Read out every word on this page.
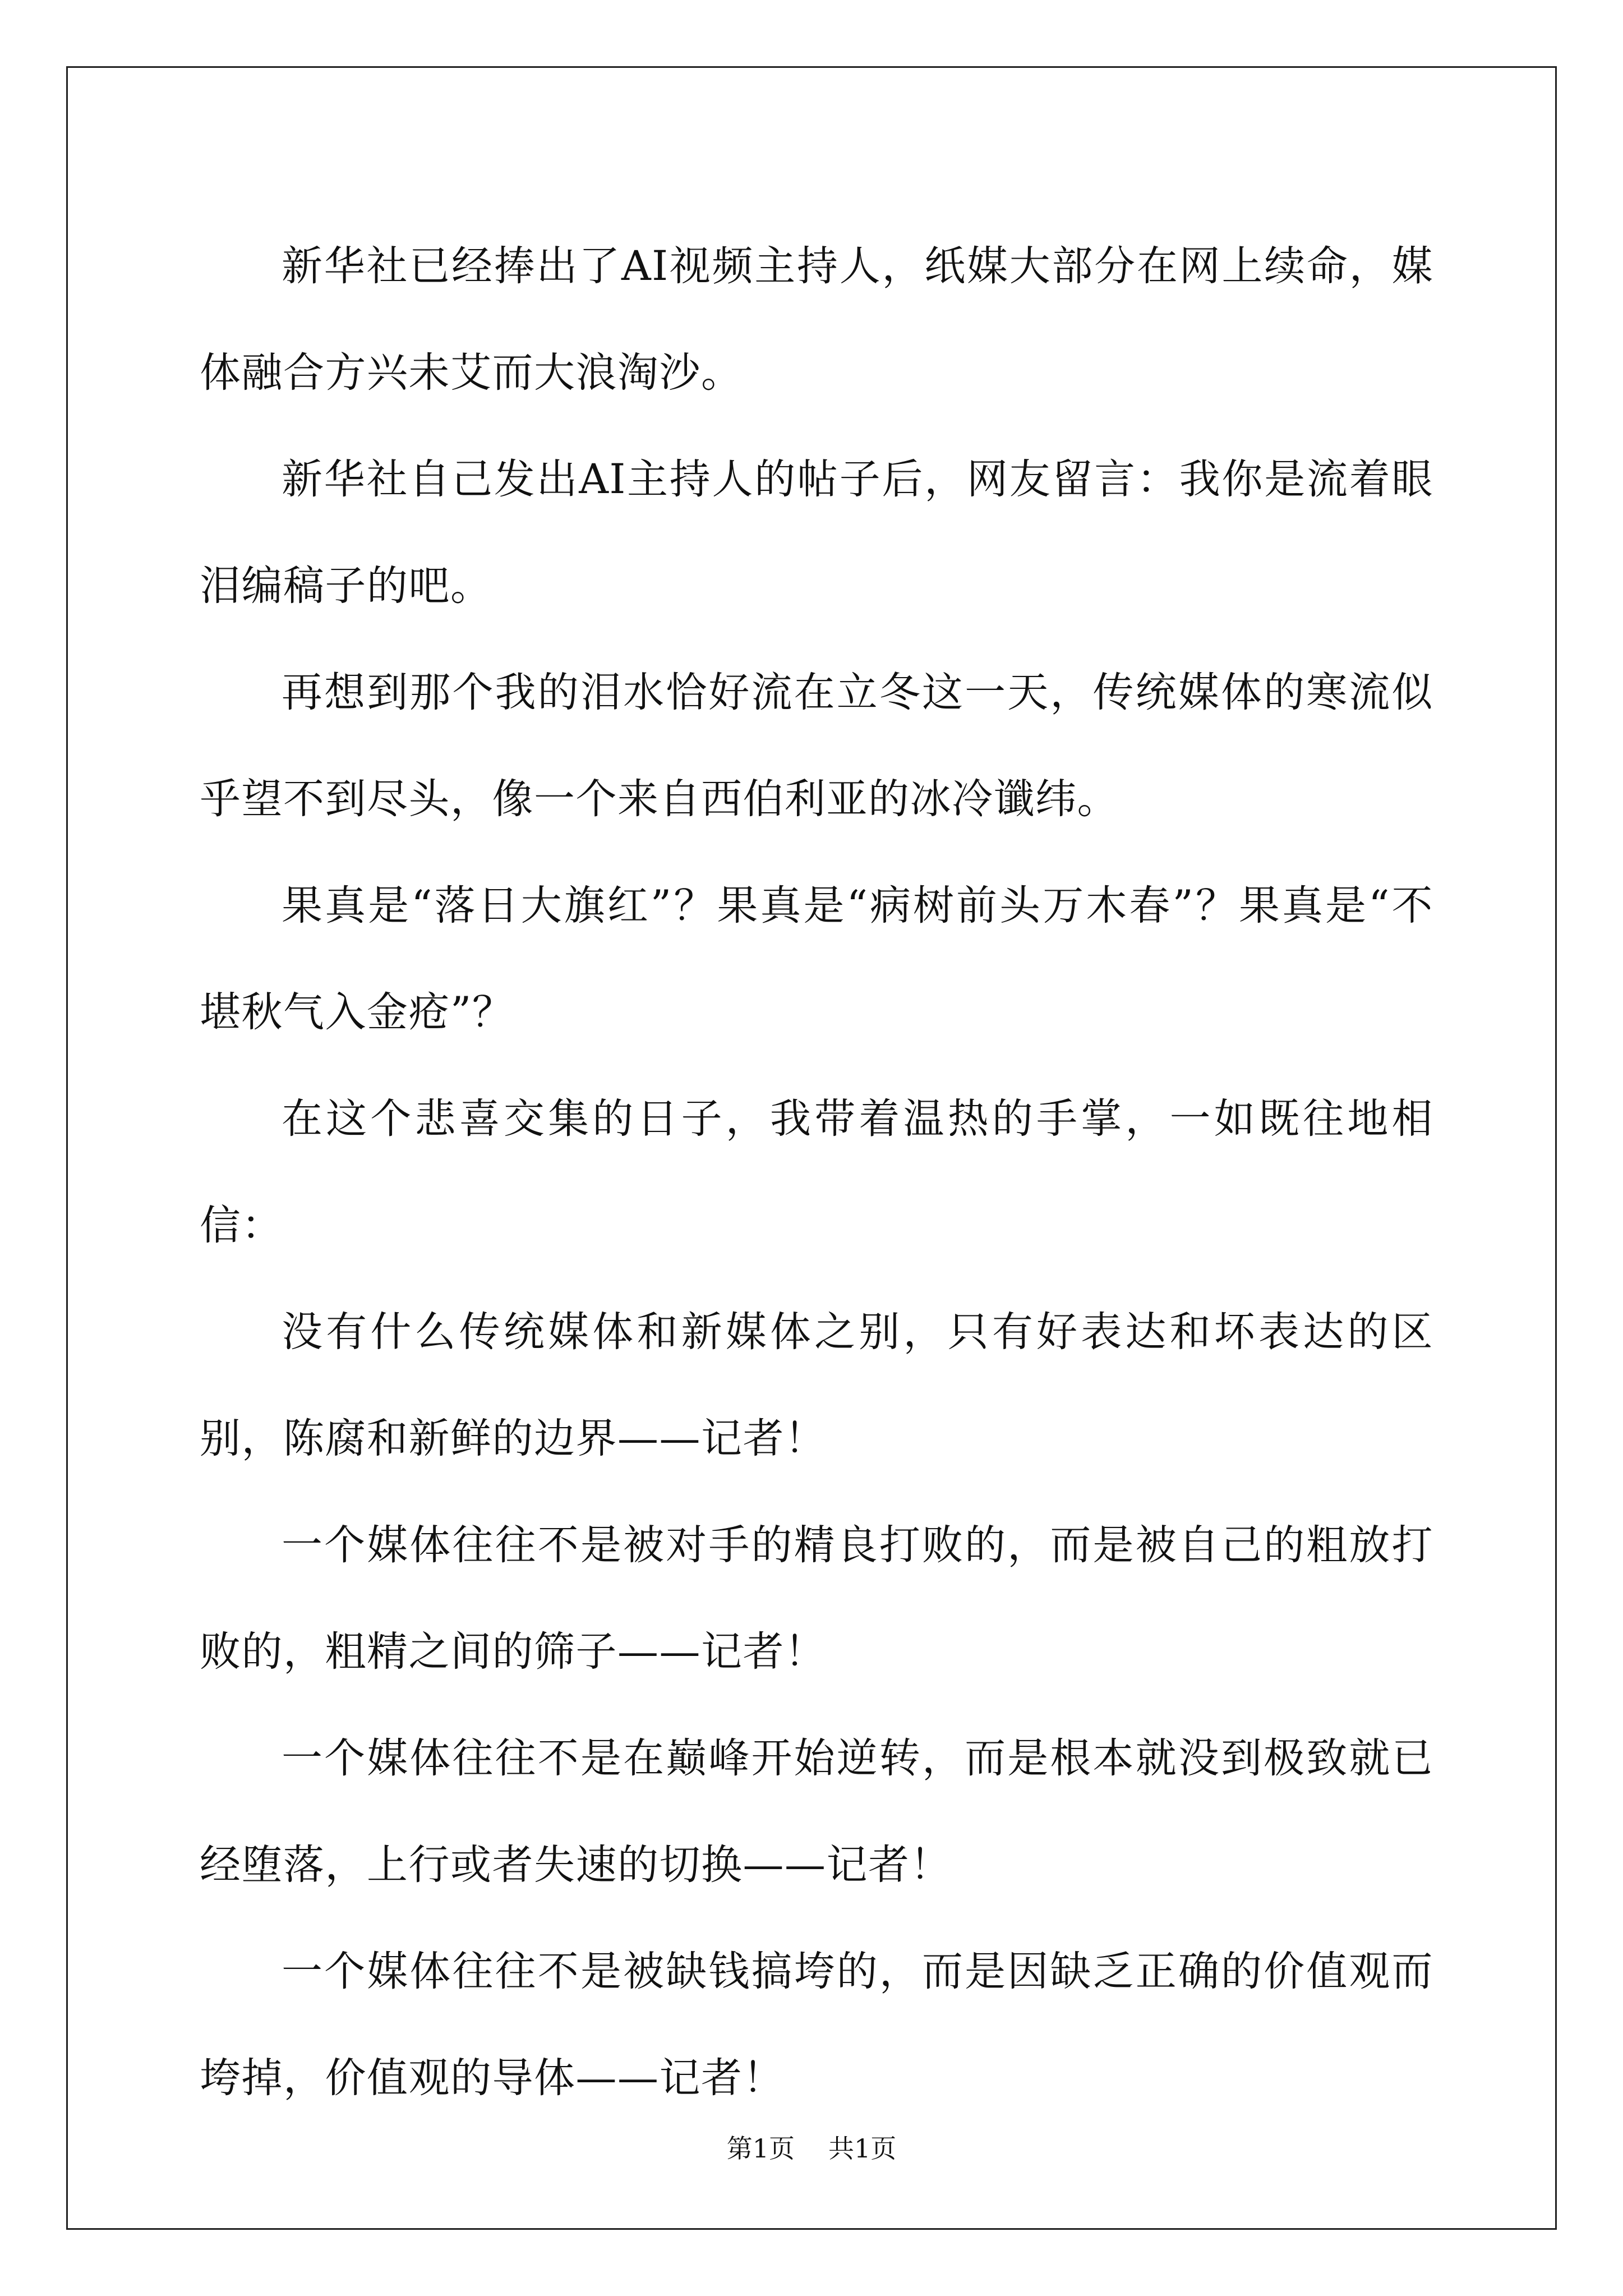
新华社已经捧出了AI视频主持人，纸媒大部分在网上续命，媒体融合方兴未艾而大浪淘沙。

新华社自己发出AI主持人的帖子后，网友留言：我你是流着眼泪编稿子的吧。

再想到那个我的泪水恰好流在立冬这一天，传统媒体的寒流似乎望不到尽头，像一个来自西伯利亚的冰冷谶纬。

果真是“落日大旗红”？果真是“病树前头万木春”？果真是“不堪秋气入金疮”？

在这个悲喜交集的日子，我带着温热的手掌，一如既往地相信：

没有什么传统媒体和新媒体之别，只有好表达和坏表达的区别，陈腐和新鲜的边界——记者！

一个媒体往往不是被对手的精良打败的，而是被自己的粗放打败的，粗精之间的筛子——记者！

一个媒体往往不是在巅峰开始逆转，而是根本就没到极致就已经堕落，上行或者失速的切换——记者！

一个媒体往往不是被缺钱搞垮的，而是因缺乏正确的价值观而垮掉，价值观的导体——记者！

第1页 共1页
